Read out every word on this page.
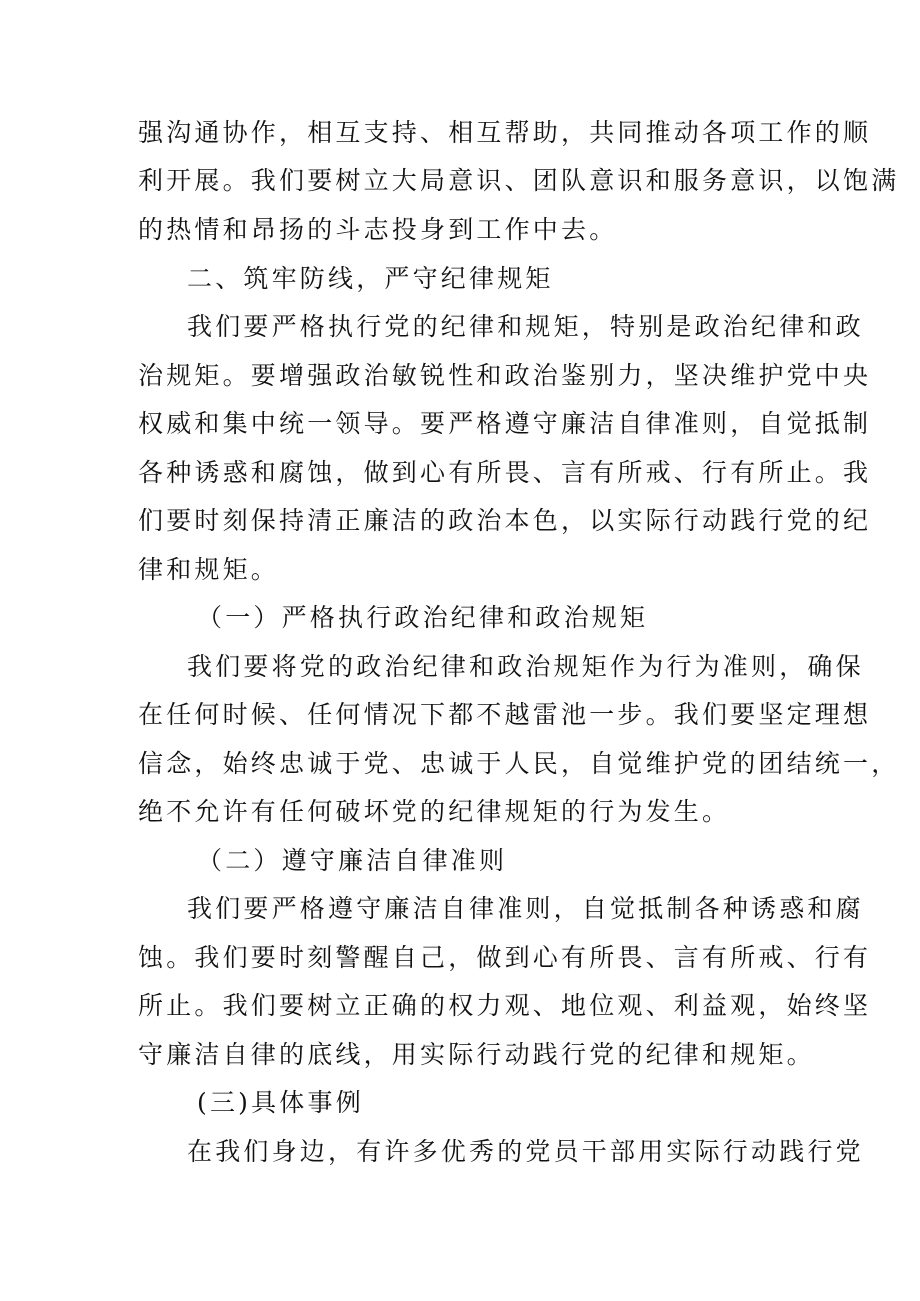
强沟通协作，相互支持、相互帮助，共同推动各项工作的顺
利开展。我们要树立大局意识、团队意识和服务意识，以饱满
的热情和昂扬的斗志投身到工作中去。
二、筑牢防线，严守纪律规矩
我们要严格执行党的纪律和规矩，特别是政治纪律和政
治规矩。要增强政治敏锐性和政治鉴别力，坚决维护党中央
权威和集中统一领导。要严格遵守廉洁自律准则，自觉抵制
各种诱惑和腐蚀，做到心有所畏、言有所戒、行有所止。我
们要时刻保持清正廉洁的政治本色，以实际行动践行党的纪
律和规矩。
（一）严格执行政治纪律和政治规矩
我们要将党的政治纪律和政治规矩作为行为准则，确保
在任何时候、任何情况下都不越雷池一步。我们要坚定理想
信念，始终忠诚于党、忠诚于人民，自觉维护党的团结统一，
绝不允许有任何破坏党的纪律规矩的行为发生。
（二）遵守廉洁自律准则
我们要严格遵守廉洁自律准则，自觉抵制各种诱惑和腐
蚀。我们要时刻警醒自己，做到心有所畏、言有所戒、行有
所止。我们要树立正确的权力观、地位观、利益观，始终坚
守廉洁自律的底线，用实际行动践行党的纪律和规矩。
(三)具体事例
在我们身边，有许多优秀的党员干部用实际行动践行党
